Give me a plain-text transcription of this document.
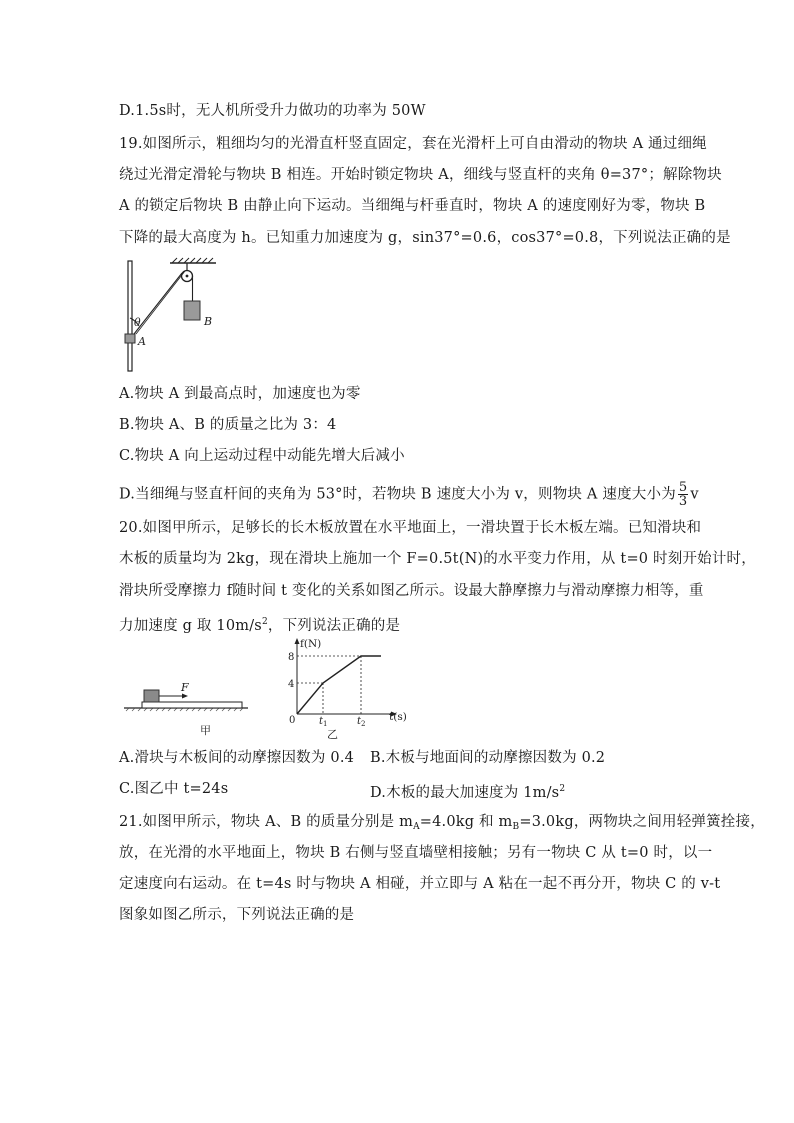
D.1.5s时，无人机所受升力做功的功率为 50W
19.如图所示，粗细均匀的光滑直杆竖直固定，套在光滑杆上可自由滑动的物块 A 通过细绳
绕过光滑定滑轮与物块 B 相连。开始时锁定物块 A，细线与竖直杆的夹角 θ=37°；解除物块
A 的锁定后物块 B 由静止向下运动。当细绳与杆垂直时，物块 A 的速度刚好为零，物块 B
下降的最大高度为 h。已知重力加速度为 g，sin37°=0.6，cos37°=0.8，下列说法正确的是
B
θ
A
A.物块 A 到最高点时，加速度也为零
B.物块 A、B 的质量之比为 3：4
C.物块 A 向上运动过程中动能先增大后减小
D.当细绳与竖直杆间的夹角为 53°时，若物块 B 速度大小为 v，则物块 A 速度大小为 $\frac{5}{3}$ v
20.如图甲所示，足够长的长木板放置在水平地面上，一滑块置于长木板左端。已知滑块和
木板的质量均为 2kg，现在滑块上施加一个 F=0.5t(N)的水平变力作用，从 t=0 时刻开始计时，
滑块所受摩擦力 f随时间 t 变化的关系如图乙所示。设最大静摩擦力与滑动摩擦力相等，重
力加速度 g 取 $10m/s^2$，下列说法正确的是
F
甲
f(N)
t(s)
8
4
0 $t_1$	$t_2$
乙
A.滑块与木板间的动摩擦因数为 0.4 B.木板与地面间的动摩擦因数为 0.2
C.图乙中 t=24s	D.木板的最大加速度为 $1m/s^2$
21.如图甲所示，物块 A、B 的质量分别是 $m_A=4.0kg$ 和 $m_B=3.0kg$，两物块之间用轻弹簧拴接，
放，在光滑的水平地面上，物块 B 右侧与竖直墙壁相接触；另有一物块 C 从 t=0 时，以一
定速度向右运动。在 t=4s 时与物块 A 相碰，并立即与 A 粘在一起不再分开，物块 C 的 v-t
图象如图乙所示，下列说法正确的是
